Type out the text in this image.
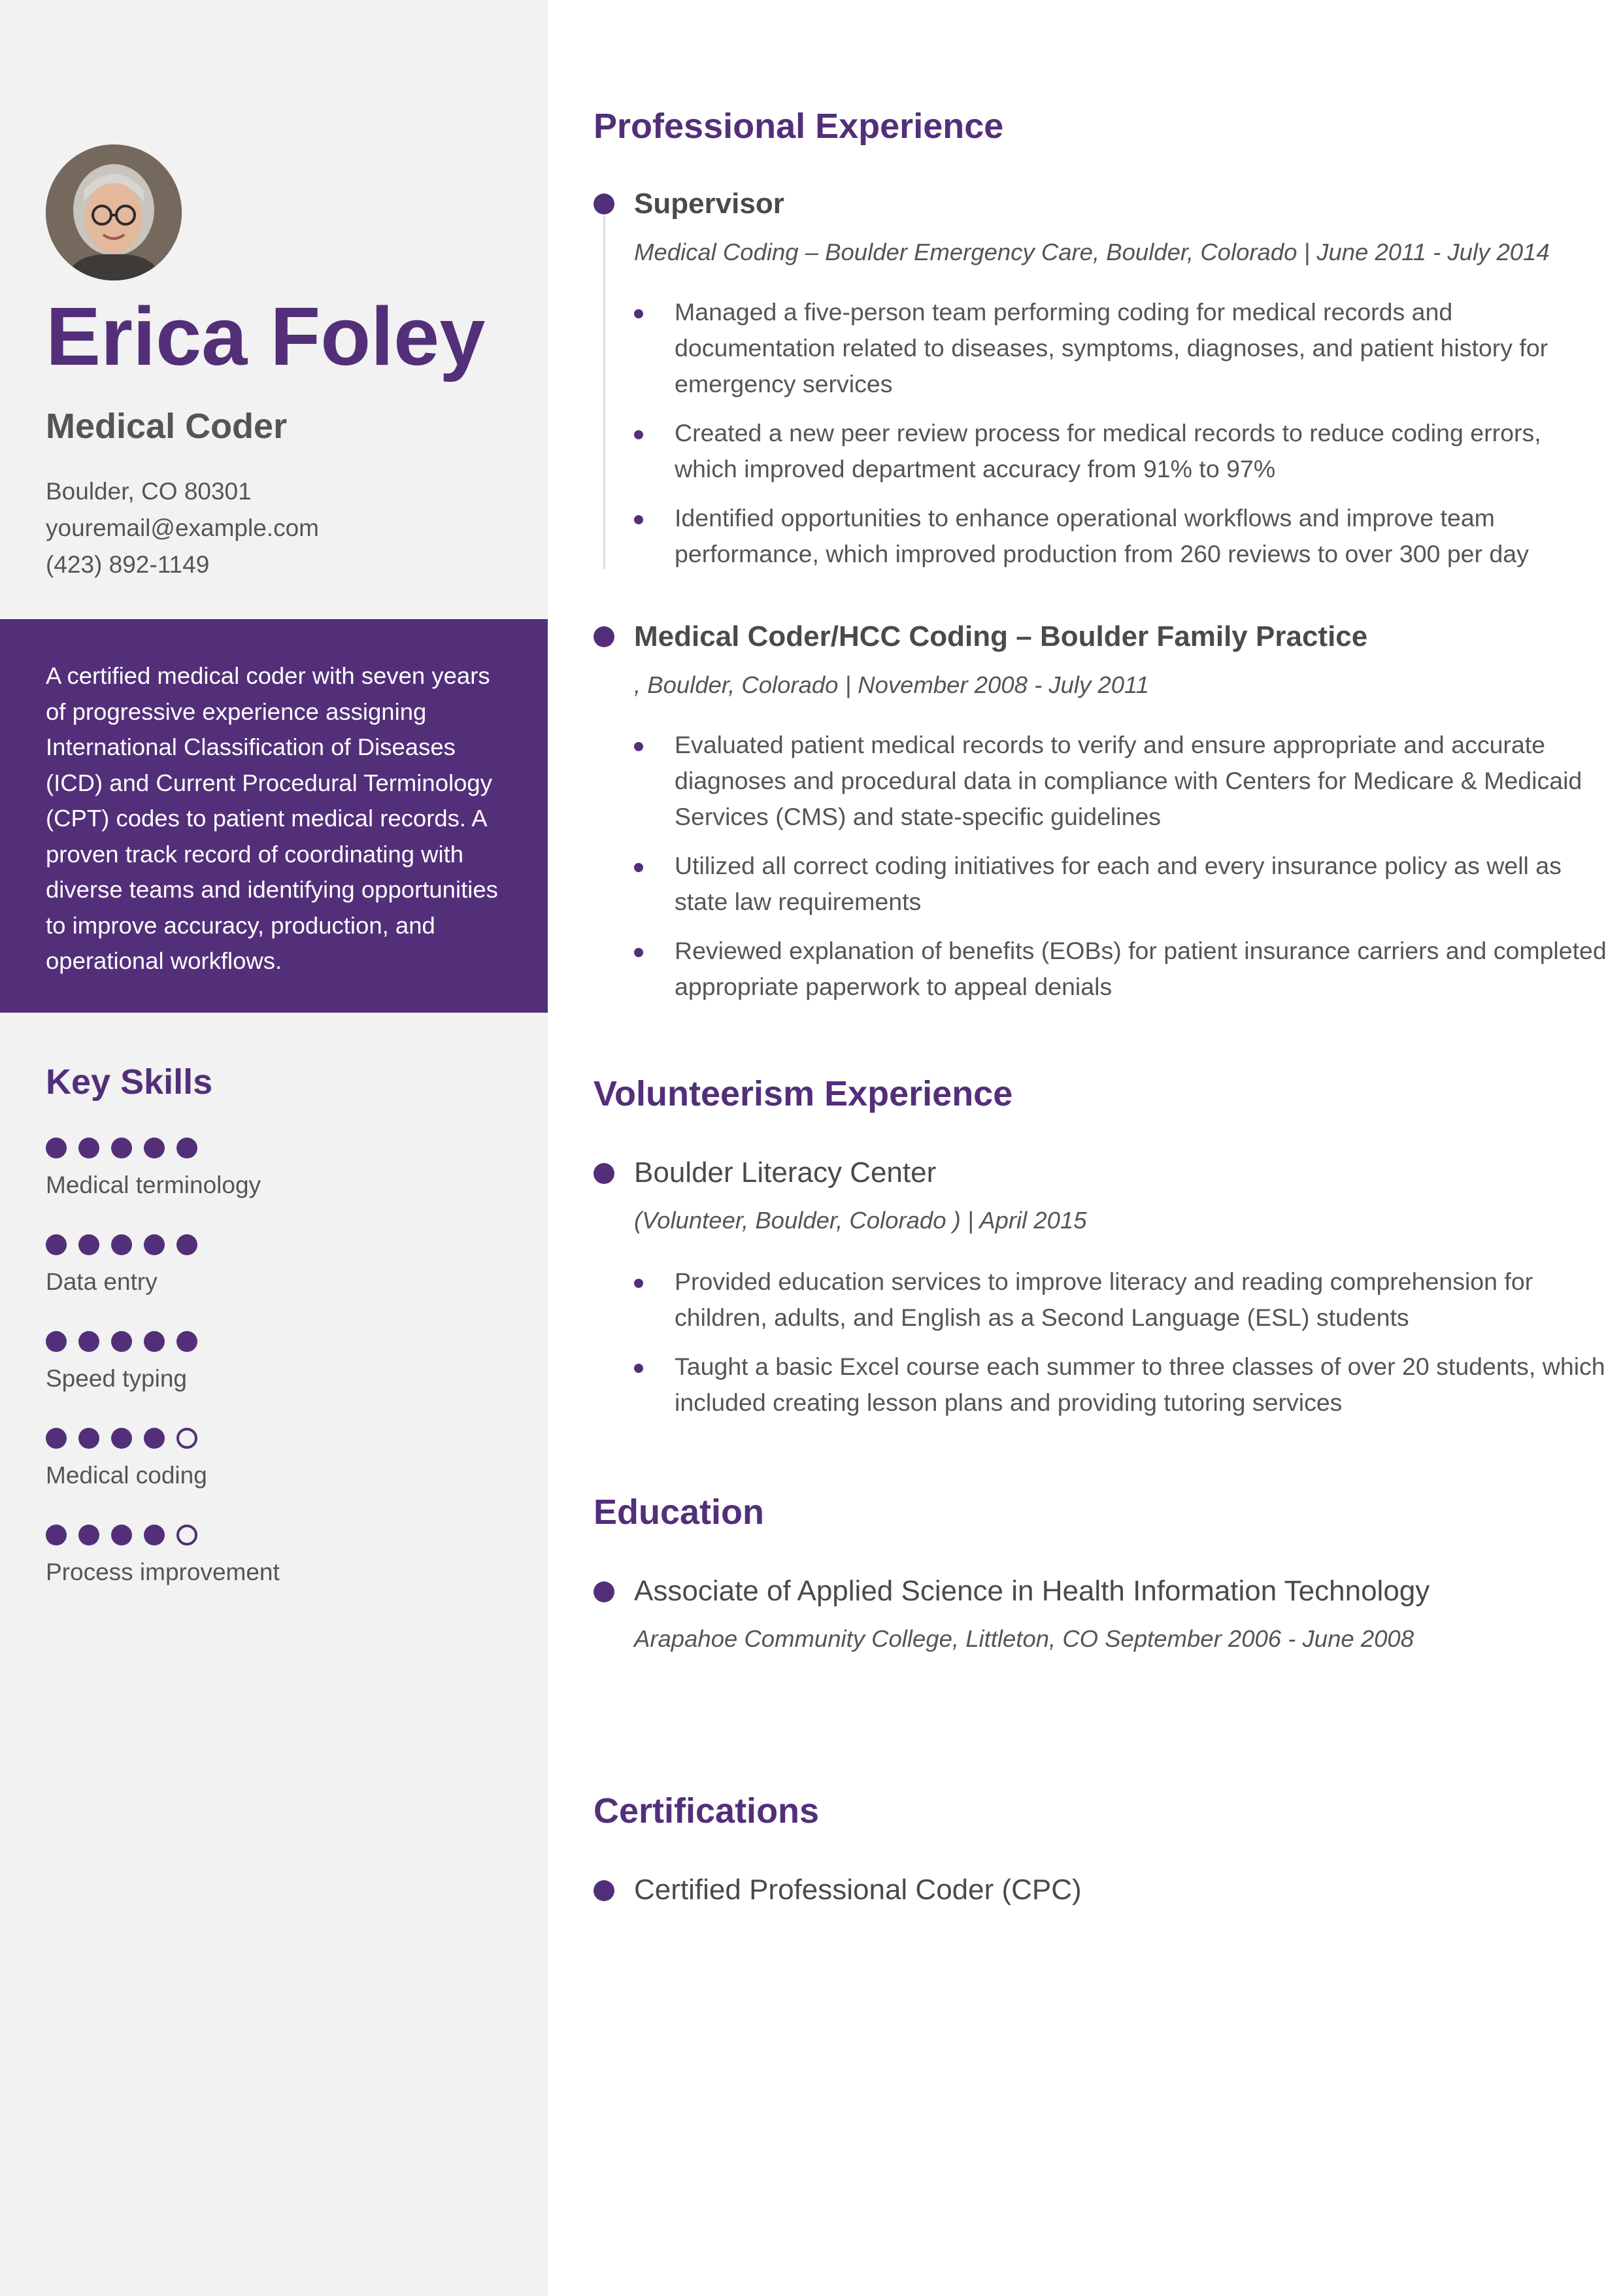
Erica Foley
Medical Coder
Boulder, CO 80301
youremail@example.com
(423) 892-1149

A certified medical coder with seven years of progressive experience assigning International Classification of Diseases (ICD) and Current Procedural Terminology (CPT) codes to patient medical records. A proven track record of coordinating with diverse teams and identifying opportunities to improve accuracy, production, and operational workflows.

Key Skills
Medical terminology
Data entry
Speed typing
Medical coding
Process improvement
Professional Experience
Supervisor
Medical Coding – Boulder Emergency Care, Boulder, Colorado | June 2011 - July 2014
Managed a five-person team performing coding for medical records and documentation related to diseases, symptoms, diagnoses, and patient history for emergency services
Created a new peer review process for medical records to reduce coding errors, which improved department accuracy from 91% to 97%
Identified opportunities to enhance operational workflows and improve team performance, which improved production from 260 reviews to over 300 per day
Medical Coder/HCC Coding – Boulder Family Practice
, Boulder, Colorado | November 2008 - July 2011
Evaluated patient medical records to verify and ensure appropriate and accurate diagnoses and procedural data in compliance with Centers for Medicare & Medicaid Services (CMS) and state-specific guidelines
Utilized all correct coding initiatives for each and every insurance policy as well as state law requirements
Reviewed explanation of benefits (EOBs) for patient insurance carriers and completed appropriate paperwork to appeal denials
Volunteerism Experience
Boulder Literacy Center
(Volunteer, Boulder, Colorado ) | April 2015
Provided education services to improve literacy and reading comprehension for children, adults, and English as a Second Language (ESL) students
Taught a basic Excel course each summer to three classes of over 20 students, which included creating lesson plans and providing tutoring services
Education
Associate of Applied Science in Health Information Technology
Arapahoe Community College, Littleton, CO September 2006 - June 2008
Certifications
Certified Professional Coder (CPC)
